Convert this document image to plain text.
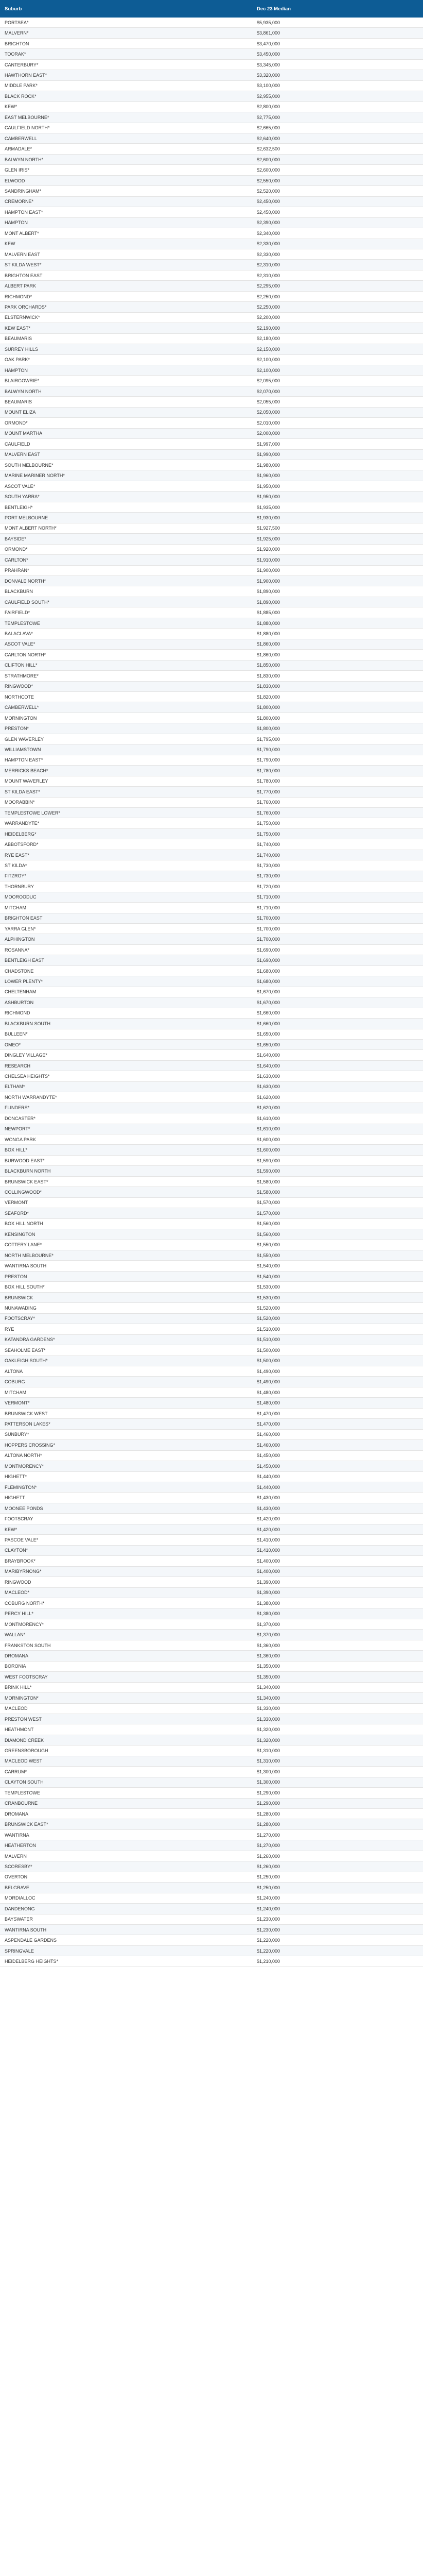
Suburb	Dec 23 Median
PORTSEA*	$5,935,000
MALVERN*	$3,861,000
BRIGHTON	$3,470,000
TOORAK*	$3,450,000
CANTERBURY*	$3,345,000
HAWTHORN EAST*	$3,320,000
MIDDLE PARK*	$3,100,000
BLACK ROCK*	$2,955,000
KEW*	$2,800,000
EAST MELBOURNE*	$2,775,000
CAULFIELD NORTH*	$2,665,000
CAMBERWELL	$2,640,000
ARMADALE*	$2,632,500
BALWYN NORTH*	$2,600,000
GLEN IRIS*	$2,600,000
ELWOOD	$2,550,000
SANDRINGHAM*	$2,520,000
CREMORNE*	$2,450,000
HAMPTON EAST*	$2,450,000
HAMPTON	$2,390,000
MONT ALBERT*	$2,340,000
KEW	$2,330,000
MALVERN EAST	$2,330,000
ST KILDA WEST*	$2,310,000
BRIGHTON EAST	$2,310,000
ALBERT PARK	$2,295,000
RICHMOND*	$2,250,000
PARK ORCHARDS*	$2,250,000
ELSTERNWICK*	$2,200,000
KEW EAST*	$2,190,000
BEAUMARIS	$2,180,000
SURREY HILLS	$2,150,000
OAK PARK*	$2,100,000
HAMPTON	$2,100,000
BLAIRGOWRIE*	$2,095,000
BALWYN NORTH	$2,070,000
BEAUMARIS	$2,055,000
MOUNT ELIZA	$2,050,000
ORMOND*	$2,010,000
MOUNT MARTHA	$2,000,000
CAULFIELD	$1,997,000
MALVERN EAST	$1,990,000
SOUTH MELBOURNE*	$1,980,000
MARINE MARINER NORTH*	$1,960,000
ASCOT VALE*	$1,950,000
SOUTH YARRA*	$1,950,000
BENTLEIGH*	$1,935,000
PORT MELBOURNE	$1,930,000
MONT ALBERT NORTH*	$1,927,500
BAYSIDE*	$1,925,000
ORMOND*	$1,920,000
CARLTON*	$1,910,000
PRAHRAN*	$1,900,000
DONVALE NORTH*	$1,900,000
BLACKBURN	$1,890,000
CAULFIELD SOUTH*	$1,890,000
FAIRFIELD*	$1,885,000
TEMPLESTOWE	$1,880,000
BALACLAVA*	$1,880,000
ASCOT VALE*	$1,860,000
CARLTON NORTH*	$1,860,000
CLIFTON HILL*	$1,850,000
STRATHMORE*	$1,830,000
RINGWOOD*	$1,830,000
NORTHCOTE	$1,820,000
CAMBERWELL*	$1,800,000
MORNINGTON	$1,800,000
PRESTON*	$1,800,000
GLEN WAVERLEY	$1,795,000
WILLIAMSTOWN	$1,790,000
HAMPTON EAST*	$1,790,000
MERRICKS BEACH*	$1,780,000
MOUNT WAVERLEY	$1,780,000
ST KILDA EAST*	$1,770,000
MOORABBIN*	$1,760,000
TEMPLESTOWE LOWER*	$1,760,000
WARRANDYTE*	$1,750,000
HEIDELBERG*	$1,750,000
ABBOTSFORD*	$1,740,000
RYE EAST*	$1,740,000
ST KILDA*	$1,730,000
FITZROY*	$1,730,000
THORNBURY	$1,720,000
MOOROODUC	$1,710,000
MITCHAM	$1,710,000
BRIGHTON EAST	$1,700,000
YARRA GLEN*	$1,700,000
ALPHINGTON	$1,700,000
ROSANNA*	$1,690,000
BENTLEIGH EAST	$1,690,000
CHADSTONE	$1,680,000
LOWER PLENTY*	$1,680,000
CHELTENHAM	$1,670,000
ASHBURTON	$1,670,000
RICHMOND	$1,660,000
BLACKBURN SOUTH	$1,660,000
BULLEEN*	$1,650,000
OMEO*	$1,650,000
DINGLEY VILLAGE*	$1,640,000
RESEARCH	$1,640,000
CHELSEA HEIGHTS*	$1,630,000
ELTHAM*	$1,630,000
NORTH WARRANDYTE*	$1,620,000
FLINDERS*	$1,620,000
DONCASTER*	$1,610,000
NEWPORT*	$1,610,000
WONGA PARK	$1,600,000
BOX HILL*	$1,600,000
BURWOOD EAST*	$1,590,000
BLACKBURN NORTH	$1,590,000
BRUNSWICK EAST*	$1,580,000
COLLINGWOOD*	$1,580,000
VERMONT	$1,570,000
SEAFORD*	$1,570,000
BOX HILL NORTH	$1,560,000
KENSINGTON	$1,560,000
COTTERY LANE*	$1,550,000
NORTH MELBOURNE*	$1,550,000
WANTIRNA SOUTH	$1,540,000
PRESTON	$1,540,000
BOX HILL SOUTH*	$1,530,000
BRUNSWICK	$1,530,000
NUNAWADING	$1,520,000
FOOTSCRAY*	$1,520,000
RYE	$1,510,000
KATANDRA GARDENS*	$1,510,000
SEAHOLME EAST*	$1,500,000
OAKLEIGH SOUTH*	$1,500,000
ALTONA	$1,490,000
COBURG	$1,490,000
MITCHAM	$1,480,000
VERMONT*	$1,480,000
BRUNSWICK WEST	$1,470,000
PATTERSON LAKES*	$1,470,000
SUNBURY*	$1,460,000
HOPPERS CROSSING*	$1,460,000
ALTONA NORTH*	$1,450,000
MONTMORENCY*	$1,450,000
HIGHETT*	$1,440,000
FLEMINGTON*	$1,440,000
HIGHETT	$1,430,000
MOONEE PONDS	$1,430,000
FOOTSCRAY	$1,420,000
KEW*	$1,420,000
PASCOE VALE*	$1,410,000
CLAYTON*	$1,410,000
BRAYBROOK*	$1,400,000
MARIBYRNONG*	$1,400,000
RINGWOOD	$1,390,000
MACLEOD*	$1,390,000
COBURG NORTH*	$1,380,000
PERCY HILL*	$1,380,000
MONTMORENCY*	$1,370,000
WALLAN*	$1,370,000
FRANKSTON SOUTH	$1,360,000
DROMANA	$1,360,000
BORONIA	$1,350,000
WEST FOOTSCRAY	$1,350,000
BRINK HILL*	$1,340,000
MORNINGTON*	$1,340,000
MACLEOD	$1,330,000
PRESTON WEST	$1,330,000
HEATHMONT	$1,320,000
DIAMOND CREEK	$1,320,000
GREENSBOROUGH	$1,310,000
MACLEOD WEST	$1,310,000
CARRUM*	$1,300,000
CLAYTON SOUTH	$1,300,000
TEMPLESTOWE	$1,290,000
CRANBOURNE	$1,290,000
DROMANA	$1,280,000
BRUNSWICK EAST*	$1,280,000
WANTIRNA	$1,270,000
HEATHERTON	$1,270,000
MALVERN	$1,260,000
SCORESBY*	$1,260,000
OVERTON	$1,250,000
BELGRAVE	$1,250,000
MORDIALLOC	$1,240,000
DANDENONG	$1,240,000
BAYSWATER	$1,230,000
WANTIRNA SOUTH	$1,230,000
ASPENDALE GARDENS	$1,220,000
SPRINGVALE	$1,220,000
HEIDELBERG HEIGHTS*	$1,210,000
